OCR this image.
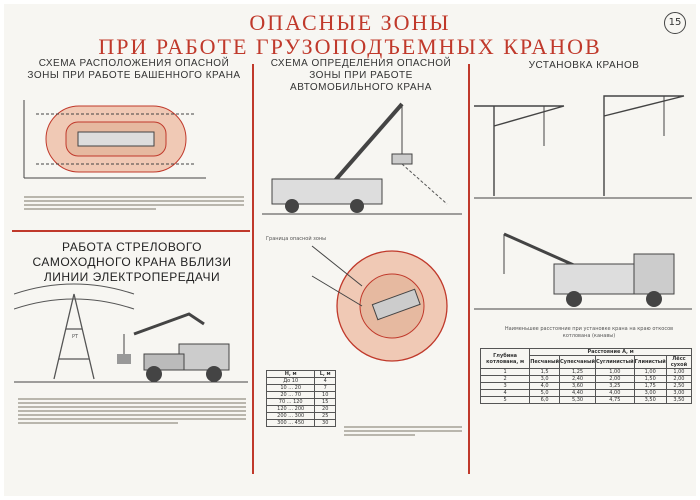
ОПАСНЫЕ ЗОНЫ
ПРИ РАБОТЕ ГРУЗОПОДЪЕМНЫХ КРАНОВ
15
СХЕМА РАСПОЛОЖЕНИЯ ОПАСНОЙ ЗОНЫ ПРИ РАБОТЕ БАШЕННОГО КРАНА
СХЕМА ОПРЕДЕЛЕНИЯ ОПАСНОЙ ЗОНЫ ПРИ РАБОТЕ АВТОМОБИЛЬНОГО КРАНА
УСТАНОВКА КРАНОВ
РАБОТА СТРЕЛОВОГО САМОХОДНОГО КРАНА ВБЛИЗИ ЛИНИИ ЭЛЕКТРОПЕРЕДАЧИ
РТ
Граница опасной зоны
Н, м	L, м
До 10	4
10 ... 20	7
20 ... 70	10
70 ... 120	15
120 ... 200	20
200 ... 300	25
300 ... 450	30
Наименьшее расстояние при установке крана на краю откосов котлована (канавы)
Глубина котлована, м	Расстояние А, м				
	Песчаный	Супесчаный	Суглинистый	Глинистый	Лёсс сухой
1	1,5	1,25	1,00	1,00	1,00
2	3,0	2,40	2,00	1,50	2,00
3	4,0	3,60	3,25	1,75	2,50
4	5,0	4,40	4,00	3,00	3,00
5	6,0	5,30	4,75	3,50	3,50
